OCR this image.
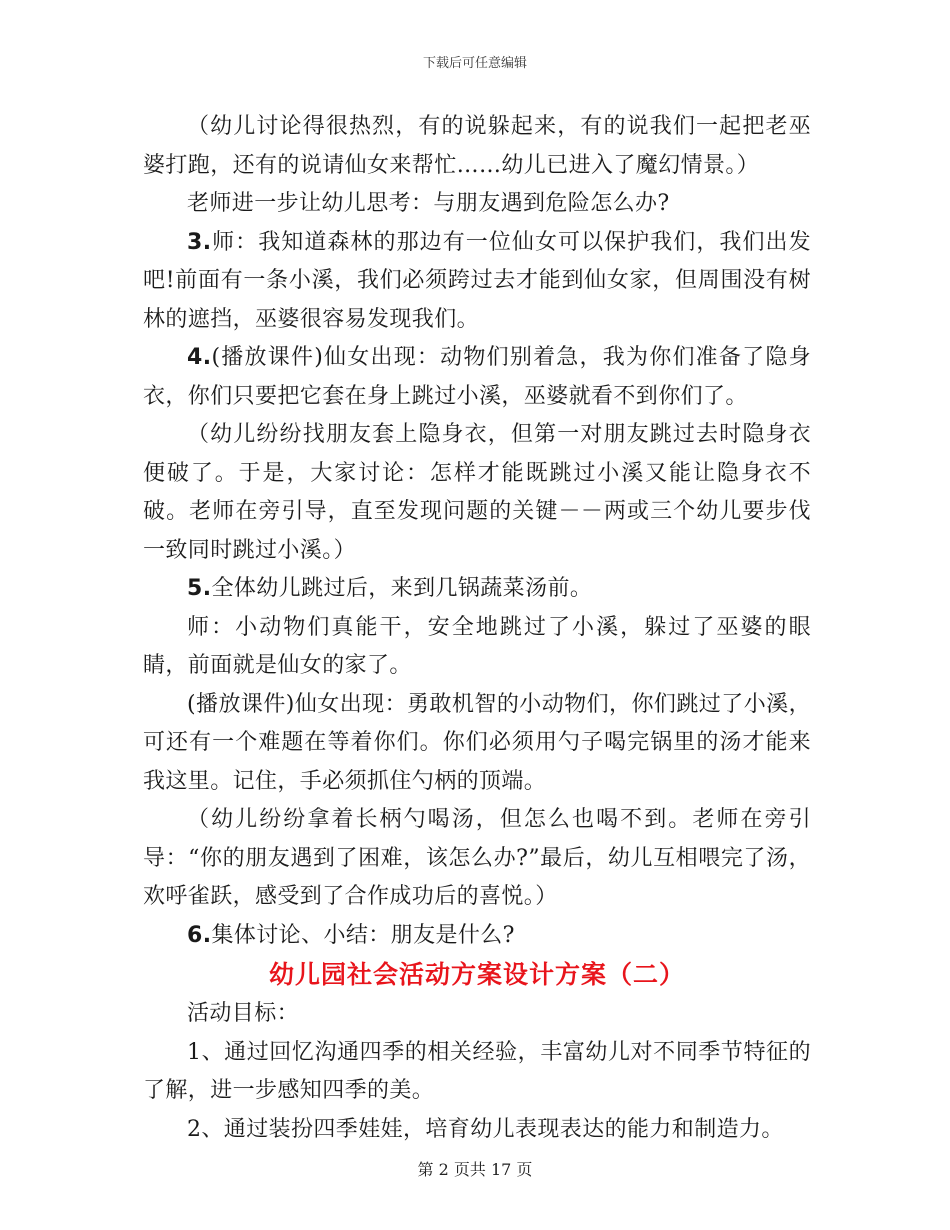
下载后可任意编辑

（幼儿讨论得很热烈，有的说躲起来，有的说我们一起把老巫婆打跑，还有的说请仙女来帮忙……幼儿已进入了魔幻情景。）

老师进一步让幼儿思考：与朋友遇到危险怎么办?

3.师：我知道森林的那边有一位仙女可以保护我们，我们出发吧!前面有一条小溪，我们必须跨过去才能到仙女家，但周围没有树林的遮挡，巫婆很容易发现我们。

4.(播放课件)仙女出现：动物们别着急，我为你们准备了隐身衣，你们只要把它套在身上跳过小溪，巫婆就看不到你们了。

（幼儿纷纷找朋友套上隐身衣，但第一对朋友跳过去时隐身衣便破了。于是，大家讨论：怎样才能既跳过小溪又能让隐身衣不破。老师在旁引导，直至发现问题的关键－－两或三个幼儿要步伐一致同时跳过小溪。）

5.全体幼儿跳过后，来到几锅蔬菜汤前。

师：小动物们真能干，安全地跳过了小溪，躲过了巫婆的眼睛，前面就是仙女的家了。

(播放课件)仙女出现：勇敢机智的小动物们，你们跳过了小溪，可还有一个难题在等着你们。你们必须用勺子喝完锅里的汤才能来我这里。记住，手必须抓住勺柄的顶端。

（幼儿纷纷拿着长柄勺喝汤，但怎么也喝不到。老师在旁引导：“你的朋友遇到了困难，该怎么办?”最后，幼儿互相喂完了汤，欢呼雀跃，感受到了合作成功后的喜悦。）

6.集体讨论、小结：朋友是什么?

幼儿园社会活动方案设计方案（二）

活动目标：

1、通过回忆沟通四季的相关经验，丰富幼儿对不同季节特征的了解，进一步感知四季的美。

2、通过装扮四季娃娃，培育幼儿表现表达的能力和制造力。

第 2 页共 17 页
